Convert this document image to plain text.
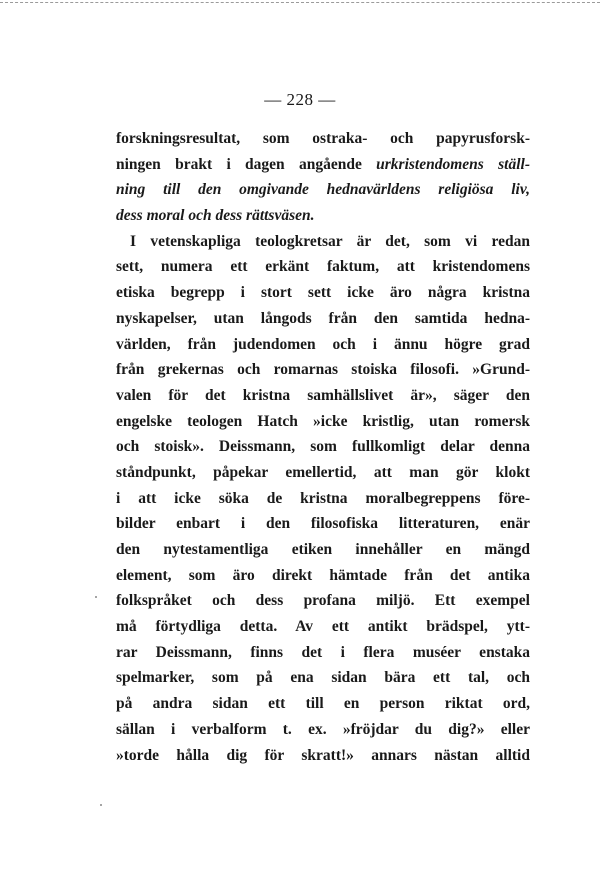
— 228 —
forskningsresultat, som ostraka- och papyrusforsk-
ningen brakt i dagen angående urkristendomens ställ-
ning till den omgivande hednavärldens religiösa liv,
dess moral och dess rättsväsen.
I vetenskapliga teologkretsar är det, som vi redan
sett, numera ett erkänt faktum, att kristendomens
etiska begrepp i stort sett icke äro några kristna
nyskapelser, utan långods från den samtida hedna-
världen, från judendomen och i ännu högre grad
från grekernas och romarnas stoiska filosofi. »Grund-
valen för det kristna samhällslivet är», säger den
engelske teologen Hatch »icke kristlig, utan romersk
och stoisk». Deissmann, som fullkomligt delar denna
ståndpunkt, påpekar emellertid, att man gör klokt
i att icke söka de kristna moralbegreppens före-
bilder enbart i den filosofiska litteraturen, enär
den nytestamentliga etiken innehåller en mängd
element, som äro direkt hämtade från det antika
folkspråket och dess profana miljö. Ett exempel
må förtydliga detta. Av ett antikt brädspel, ytt-
rar Deissmann, finns det i flera muséer enstaka
spelmarker, som på ena sidan bära ett tal, och
på andra sidan ett till en person riktat ord,
sällan i verbalform t. ex. »fröjdar du dig?» eller
»torde hålla dig för skratt!» annars nästan alltid
